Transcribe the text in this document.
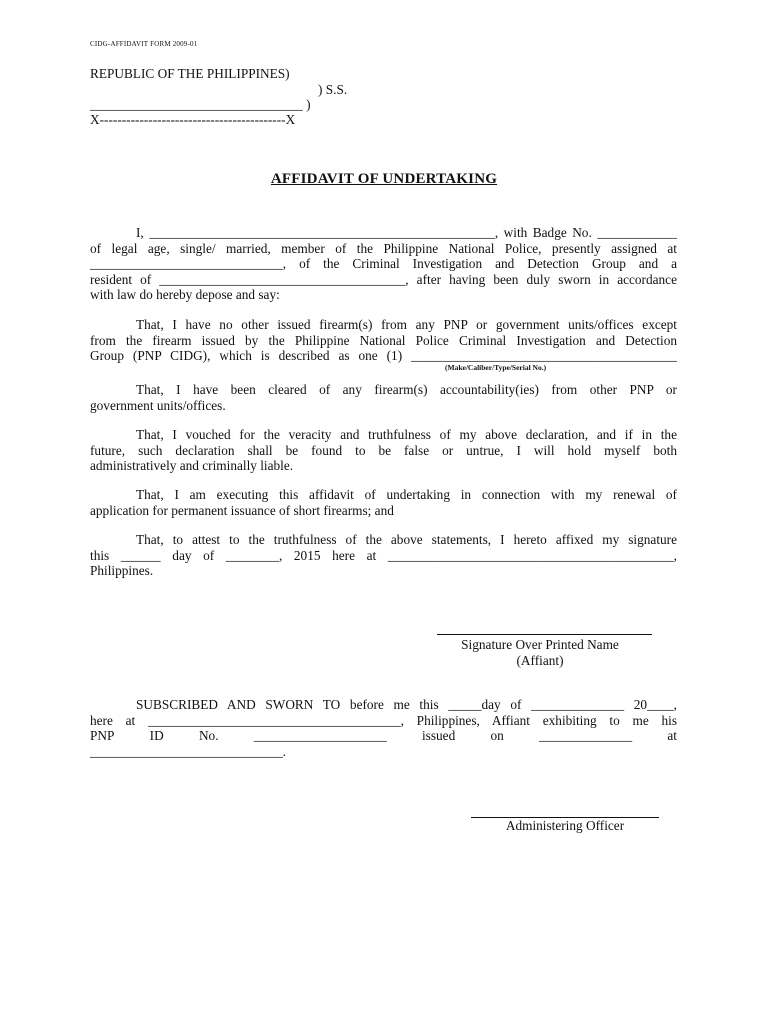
CIDG-AFFIDAVIT FORM 2009-01
REPUBLIC OF THE PHILIPPINES)
) S.S.
________________________________ )
X------------------------------------------X
AFFIDAVIT OF UNDERTAKING
I, ____________________________________________________, with Badge No. ____________
of legal age, single/ married, member of the Philippine National Police, presently assigned at
_____________________________, of the Criminal Investigation and Detection Group and a
resident of _____________________________________, after having been duly sworn in accordance
with law do hereby depose and say:
That, I have no other issued firearm(s) from any PNP or government units/offices except
from the firearm issued by the Philippine National Police Criminal Investigation and Detection
Group (PNP CIDG), which is described as one (1) ________________________________________
(Make/Caliber/Type/Serial No.)
That, I have been cleared of any firearm(s) accountability(ies) from other PNP or
government units/offices.
That, I vouched for the veracity and truthfulness of my above declaration, and if in the
future, such declaration shall be found to be false or untrue, I will hold myself both
administratively and criminally liable.
That, I am executing this affidavit of undertaking in connection with my renewal of
application for permanent issuance of short firearms; and
That, to attest to the truthfulness of the above statements, I hereto affixed my signature
this ______ day of ________, 2015 here at ___________________________________________,
Philippines.
Signature Over Printed Name
(Affiant)
SUBSCRIBED AND SWORN TO before me this _____day of ______________ 20____,
here at ______________________________________, Philippines, Affiant exhibiting to me his
PNP	ID	No.	____________________	issued	on	______________	at
_____________________________.
Administering Officer
